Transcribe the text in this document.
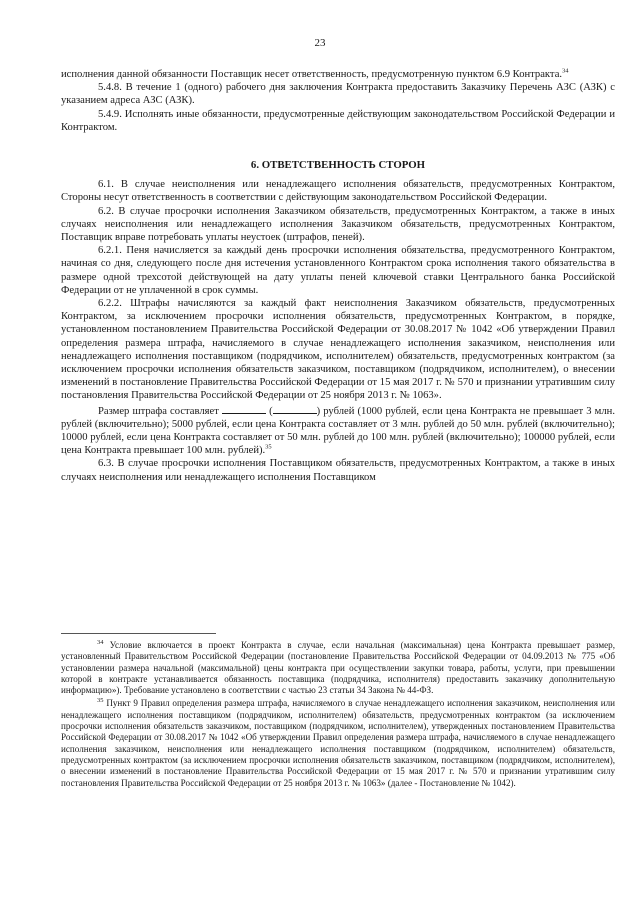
23

исполнения данной обязанности Поставщик несет ответственность, предусмотренную пунктом 6.9 Контракта.$^{34}$

5.4.8. В течение 1 (одного) рабочего дня заключения Контракта предоставить Заказчику Перечень АЗС (АЗК) с указанием адреса АЗС (АЗК).

5.4.9. Исполнять иные обязанности, предусмотренные действующим законодательством Российской Федерации и Контрактом.

6. ОТВЕТСТВЕННОСТЬ СТОРОН

6.1. В случае неисполнения или ненадлежащего исполнения обязательств, предусмотренных Контрактом, Стороны несут ответственность в соответствии с действующим законодательством Российской Федерации.

6.2. В случае просрочки исполнения Заказчиком обязательств, предусмотренных Контрактом, а также в иных случаях неисполнения или ненадлежащего исполнения Заказчиком обязательств, предусмотренных Контрактом, Поставщик вправе потребовать уплаты неустоек (штрафов, пеней).

6.2.1. Пеня начисляется за каждый день просрочки исполнения обязательства, предусмотренного Контрактом, начиная со дня, следующего после дня истечения установленного Контрактом срока исполнения такого обязательства в размере одной трехсотой действующей на дату уплаты пеней ключевой ставки Центрального банка Российской Федерации от не уплаченной в срок суммы.

6.2.2. Штрафы начисляются за каждый факт неисполнения Заказчиком обязательств, предусмотренных Контрактом, за исключением просрочки исполнения обязательств, предусмотренных Контрактом, в порядке, установленном постановлением Правительства Российской Федерации от 30.08.2017 № 1042 «Об утверждении Правил определения размера штрафа, начисляемого в случае ненадлежащего исполнения заказчиком, неисполнения или ненадлежащего исполнения поставщиком (подрядчиком, исполнителем) обязательств, предусмотренных контрактом (за исключением просрочки исполнения обязательств заказчиком, поставщиком (подрядчиком, исполнителем), о внесении изменений в постановление Правительства Российской Федерации от 15 мая 2017 г. № 570 и признании утратившим силу постановления Правительства Российской Федерации от 25 ноября 2013 г. № 1063».

Размер штрафа составляет	(	) рублей (1000 рублей, если цена Контракта не превышает 3 млн. рублей (включительно); 5000 рублей, если цена Контракта составляет от 3 млн. рублей до 50 млн. рублей (включительно); 10000 рублей, если цена Контракта составляет от 50 млн. рублей до 100 млн. рублей (включительно); 100000 рублей, если цена Контракта превышает 100 млн. рублей).$^{35}$

6.3. В случае просрочки исполнения Поставщиком обязательств, предусмотренных Контрактом, а также в иных случаях неисполнения или ненадлежащего исполнения Поставщиком

$^{34}$ Условие включается в проект Контракта в случае, если начальная (максимальная) цена Контракта превышает размер, установленный Правительством Российской Федерации (постановление Правительства Российской Федерации от 04.09.2013 № 775 «Об установлении размера начальной (максимальной) цены контракта при осуществлении закупки товара, работы, услуги, при превышении которой в контракте устанавливается обязанность поставщика (подрядчика, исполнителя) предоставить заказчику дополнительную информацию»). Требование установлено в соответствии с частью 23 статьи 34 Закона № 44-ФЗ.

$^{35}$ Пункт 9 Правил определения размера штрафа, начисляемого в случае ненадлежащего исполнения заказчиком, неисполнения или ненадлежащего исполнения поставщиком (подрядчиком, исполнителем) обязательств, предусмотренных контрактом (за исключением просрочки исполнения обязательств заказчиком, поставщиком (подрядчиком, исполнителем), утвержденных постановлением Правительства Российской Федерации от 30.08.2017 № 1042 «Об утверждении Правил определения размера штрафа, начисляемого в случае ненадлежащего исполнения заказчиком, неисполнения или ненадлежащего исполнения поставщиком (подрядчиком, исполнителем) обязательств, предусмотренных контрактом (за исключением просрочки исполнения обязательств заказчиком, поставщиком (подрядчиком, исполнителем), о внесении изменений в постановление Правительства Российской Федерации от 15 мая 2017 г. № 570 и признании утратившим силу постановления Правительства Российской Федерации от 25 ноября 2013 г. № 1063» (далее - Постановление № 1042).
